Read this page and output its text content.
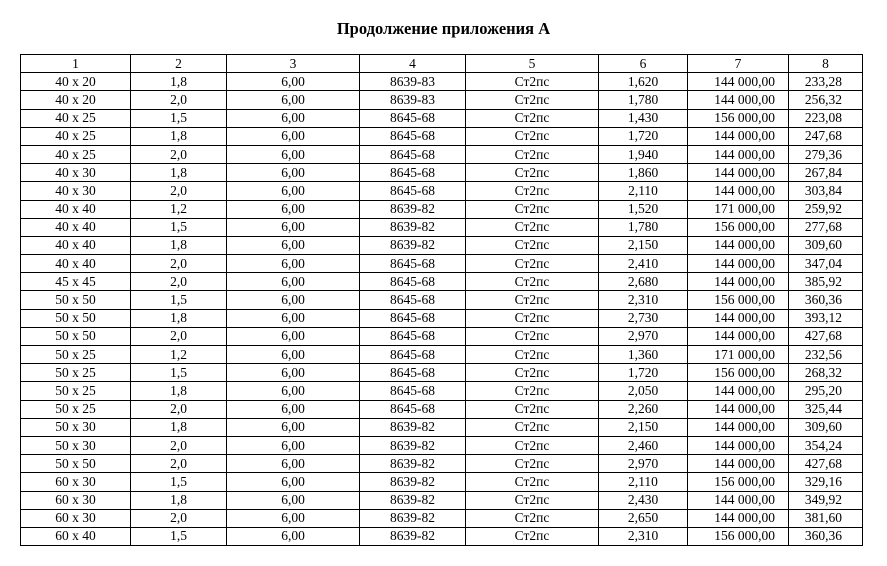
Продолжение приложения А
1	2	3	4	5	6	7	8
40 x 20	1,8	6,00	8639-83	Ст2пс	1,620	144 000,00	233,28
40 x 20	2,0	6,00	8639-83	Ст2пс	1,780	144 000,00	256,32
40 x 25	1,5	6,00	8645-68	Ст2пс	1,430	156 000,00	223,08
40 x 25	1,8	6,00	8645-68	Ст2пс	1,720	144 000,00	247,68
40 x 25	2,0	6,00	8645-68	Ст2пс	1,940	144 000,00	279,36
40 x 30	1,8	6,00	8645-68	Ст2пс	1,860	144 000,00	267,84
40 x 30	2,0	6,00	8645-68	Ст2пс	2,110	144 000,00	303,84
40 x 40	1,2	6,00	8639-82	Ст2пс	1,520	171 000,00	259,92
40 x 40	1,5	6,00	8639-82	Ст2пс	1,780	156 000,00	277,68
40 x 40	1,8	6,00	8639-82	Ст2пс	2,150	144 000,00	309,60
40 x 40	2,0	6,00	8645-68	Ст2пс	2,410	144 000,00	347,04
45 x 45	2,0	6,00	8645-68	Ст2пс	2,680	144 000,00	385,92
50 x 50	1,5	6,00	8645-68	Ст2пс	2,310	156 000,00	360,36
50 x 50	1,8	6,00	8645-68	Ст2пс	2,730	144 000,00	393,12
50 x 50	2,0	6,00	8645-68	Ст2пс	2,970	144 000,00	427,68
50 x 25	1,2	6,00	8645-68	Ст2пс	1,360	171 000,00	232,56
50 x 25	1,5	6,00	8645-68	Ст2пс	1,720	156 000,00	268,32
50 x 25	1,8	6,00	8645-68	Ст2пс	2,050	144 000,00	295,20
50 x 25	2,0	6,00	8645-68	Ст2пс	2,260	144 000,00	325,44
50 x 30	1,8	6,00	8639-82	Ст2пс	2,150	144 000,00	309,60
50 x 30	2,0	6,00	8639-82	Ст2пс	2,460	144 000,00	354,24
50 x 50	2,0	6,00	8639-82	Ст2пс	2,970	144 000,00	427,68
60 x 30	1,5	6,00	8639-82	Ст2пс	2,110	156 000,00	329,16
60 x 30	1,8	6,00	8639-82	Ст2пс	2,430	144 000,00	349,92
60 x 30	2,0	6,00	8639-82	Ст2пс	2,650	144 000,00	381,60
60 x 40	1,5	6,00	8639-82	Ст2пс	2,310	156 000,00	360,36
